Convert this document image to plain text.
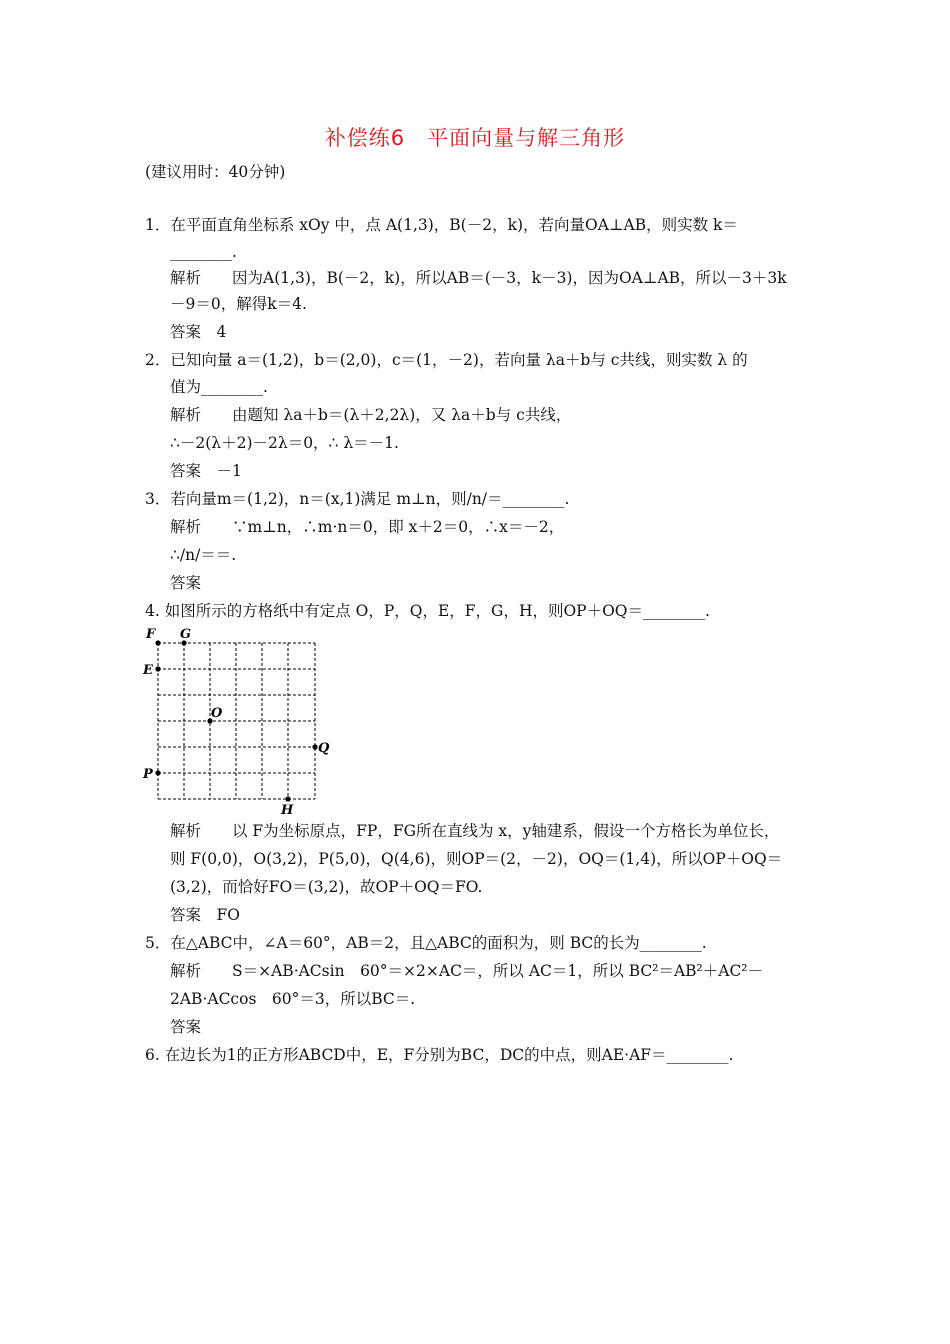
补偿练6　平面向量与解三角形
(建议用时：40分钟)
1．在平面直角坐标系 xOy 中，点 A(1,3)，B(－2，k)，若向量OA⊥AB，则实数 k＝
________.
解析　　因为A(1,3)，B(－2，k)，所以AB＝(－3，k－3)，因为OA⊥AB，所以－3＋3k
－9＝0，解得k＝4.
答案　4
2．已知向量 a＝(1,2)，b＝(2,0)，c＝(1，－2)，若向量 λa＋b与 c共线，则实数 λ 的
值为________.
解析　　由题知 λa＋b＝(λ＋2,2λ)，又 λa＋b与 c共线，
∴－2(λ＋2)－2λ＝0，∴ λ＝－1.
答案　－1
3．若向量m＝(1,2)，n＝(x,1)满足 m⊥n，则/n/＝________.
解析　　∵m⊥n，∴m·n＝0，即 x＋2＝0，∴x＝－2，
∴/n/＝＝.
答案
4. 如图所示的方格纸中有定点 O，P，Q，E，F，G，H，则OP＋OQ＝________.
F G
E
O
Q
P
H
解析　　以 F为坐标原点，FP，FG所在直线为 x，y轴建系，假设一个方格长为单位长，
则 F(0,0)，O(3,2)，P(5,0)，Q(4,6)，则OP＝(2，－2)，OQ＝(1,4)，所以OP＋OQ＝
(3,2)，而恰好FO＝(3,2)，故OP＋OQ＝FO.
答案　FO
5．在△ABC中，∠A＝60°，AB＝2，且△ABC的面积为，则 BC的长为________.
解析　　S＝×AB·ACsin　60°＝×2×AC＝，所以 AC＝1，所以 BC²＝AB²＋AC²－
2AB·ACcos　60°＝3，所以BC＝.
答案
6. 在边长为1的正方形ABCD中，E，F分别为BC，DC的中点，则AE·AF＝________.
